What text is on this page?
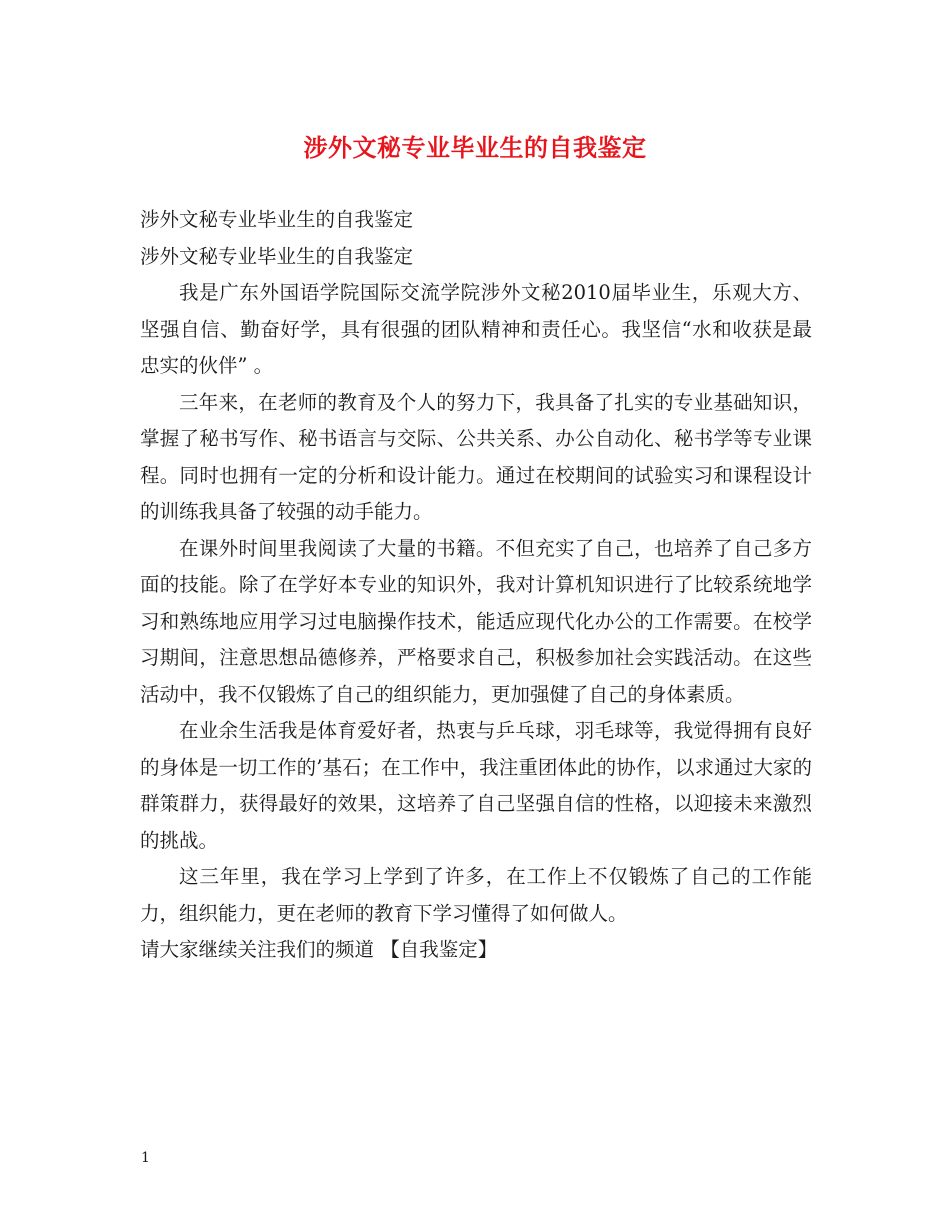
涉外文秘专业毕业生的自我鉴定

涉外文秘专业毕业生的自我鉴定

涉外文秘专业毕业生的自我鉴定

我是广东外国语学院国际交流学院涉外文秘2010届毕业生，乐观大方、坚强自信、勤奋好学，具有很强的团队精神和责任心。我坚信“水和收获是最忠实的伙伴” 。

三年来，在老师的教育及个人的努力下，我具备了扎实的专业基础知识，掌握了秘书写作、秘书语言与交际、公共关系、办公自动化、秘书学等专业课程。同时也拥有一定的分析和设计能力。通过在校期间的试验实习和课程设计的训练我具备了较强的动手能力。

在课外时间里我阅读了大量的书籍。不但充实了自己，也培养了自己多方面的技能。除了在学好本专业的知识外，我对计算机知识进行了比较系统地学习和熟练地应用学习过电脑操作技术，能适应现代化办公的工作需要。在校学习期间，注意思想品德修养，严格要求自己，积极参加社会实践活动。在这些活动中，我不仅锻炼了自己的组织能力，更加强健了自己的身体素质。

在业余生活我是体育爱好者，热衷与乒乓球，羽毛球等，我觉得拥有良好的身体是一切工作的’基石；在工作中，我注重团体此的协作，以求通过大家的群策群力，获得最好的效果，这培养了自己坚强自信的性格，以迎接未来激烈的挑战。

这三年里，我在学习上学到了许多，在工作上不仅锻炼了自己的工作能力，组织能力，更在老师的教育下学习懂得了如何做人。

请大家继续关注我们的频道 【自我鉴定】

1
